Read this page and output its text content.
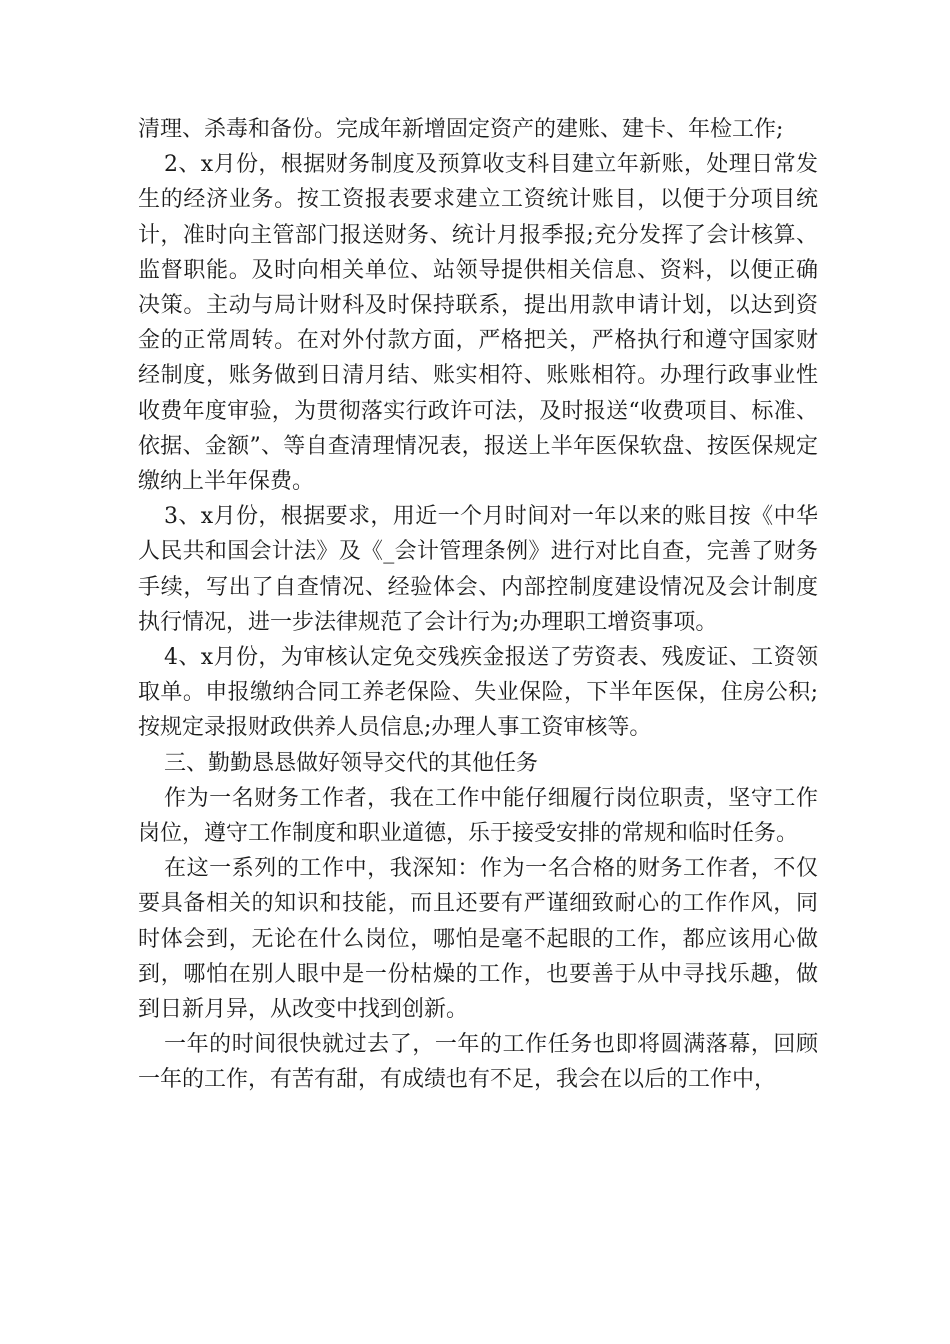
清理、杀毒和备份。完成年新增固定资产的建账、建卡、年检工作;

2、x月份，根据财务制度及预算收支科目建立年新账，处理日常发生的经济业务。按工资报表要求建立工资统计账目，以便于分项目统计，准时向主管部门报送财务、统计月报季报;充分发挥了会计核算、监督职能。及时向相关单位、站领导提供相关信息、资料，以便正确决策。主动与局计财科及时保持联系，提出用款申请计划，以达到资金的正常周转。在对外付款方面，严格把关，严格执行和遵守国家财经制度，账务做到日清月结、账实相符、账账相符。办理行政事业性收费年度审验，为贯彻落实行政许可法，及时报送“收费项目、标准、依据、金额”、等自查清理情况表，报送上半年医保软盘、按医保规定缴纳上半年保费。

3、x月份，根据要求，用近一个月时间对一年以来的账目按《中华人民共和国会计法》及《_会计管理条例》进行对比自查，完善了财务手续，写出了自查情况、经验体会、内部控制度建设情况及会计制度执行情况，进一步法律规范了会计行为;办理职工增资事项。

4、x月份，为审核认定免交残疾金报送了劳资表、残废证、工资领取单。申报缴纳合同工养老保险、失业保险，下半年医保，住房公积;按规定录报财政供养人员信息;办理人事工资审核等。

三、勤勤恳恳做好领导交代的其他任务

作为一名财务工作者，我在工作中能仔细履行岗位职责，坚守工作岗位，遵守工作制度和职业道德，乐于接受安排的常规和临时任务。

在这一系列的工作中，我深知：作为一名合格的财务工作者，不仅要具备相关的知识和技能，而且还要有严谨细致耐心的工作作风，同时体会到，无论在什么岗位，哪怕是毫不起眼的工作，都应该用心做到，哪怕在别人眼中是一份枯燥的工作，也要善于从中寻找乐趣，做到日新月异，从改变中找到创新。

一年的时间很快就过去了，一年的工作任务也即将圆满落幕，回顾一年的工作，有苦有甜，有成绩也有不足，我会在以后的工作中，
